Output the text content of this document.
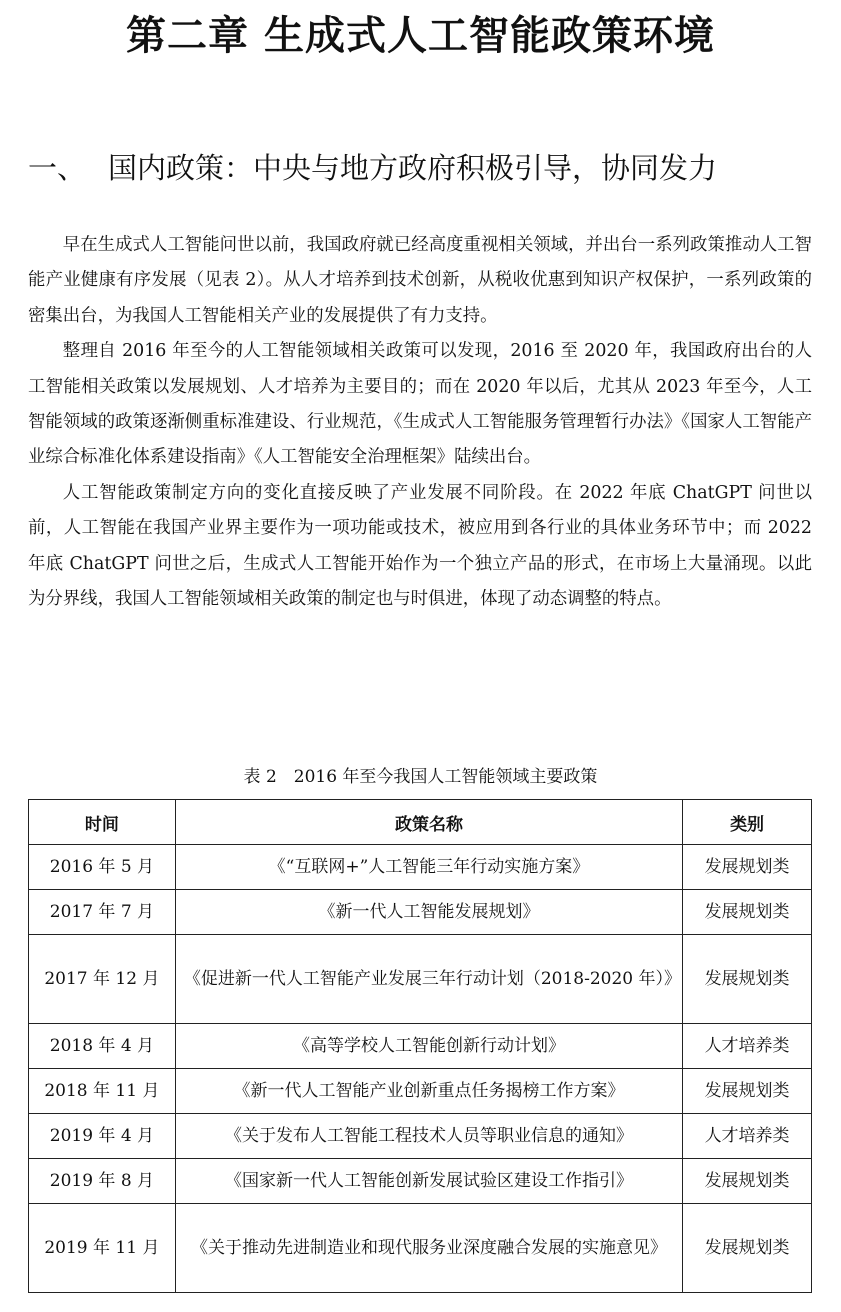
第二章 生成式人工智能政策环境
一、 国内政策：中央与地方政府积极引导，协同发力

早在生成式人工智能问世以前，我国政府就已经高度重视相关领域，并出台一系列政策推动人工智能产业健康有序发展（见表 2）。从人才培养到技术创新，从税收优惠到知识产权保护，一系列政策的密集出台，为我国人工智能相关产业的发展提供了有力支持。

整理自 2016 年至今的人工智能领域相关政策可以发现，2016 至 2020 年，我国政府出台的人工智能相关政策以发展规划、人才培养为主要目的；而在 2020 年以后，尤其从 2023 年至今，人工智能领域的政策逐渐侧重标准建设、行业规范，《生成式人工智能服务管理暂行办法》《国家人工智能产业综合标准化体系建设指南》《人工智能安全治理框架》陆续出台。

人工智能政策制定方向的变化直接反映了产业发展不同阶段。在 2022 年底 ChatGPT 问世以前，人工智能在我国产业界主要作为一项功能或技术，被应用到各行业的具体业务环节中；而 2022 年底 ChatGPT 问世之后，生成式人工智能开始作为一个独立产品的形式，在市场上大量涌现。以此为分界线，我国人工智能领域相关政策的制定也与时俱进，体现了动态调整的特点。

表 2　2016 年至今我国人工智能领域主要政策

时间	政策名称	类别
2016 年 5 月	《“互联网+”人工智能三年行动实施方案》	发展规划类
2017 年 7 月	《新一代人工智能发展规划》	发展规划类
2017 年 12 月	《促进新一代人工智能产业发展三年行动计划（2018-2020 年）》	发展规划类
2018 年 4 月	《高等学校人工智能创新行动计划》	人才培养类
2018 年 11 月	《新一代人工智能产业创新重点任务揭榜工作方案》	发展规划类
2019 年 4 月	《关于发布人工智能工程技术人员等职业信息的通知》	人才培养类
2019 年 8 月	《国家新一代人工智能创新发展试验区建设工作指引》	发展规划类
2019 年 11 月	《关于推动先进制造业和现代服务业深度融合发展的实施意见》	发展规划类
